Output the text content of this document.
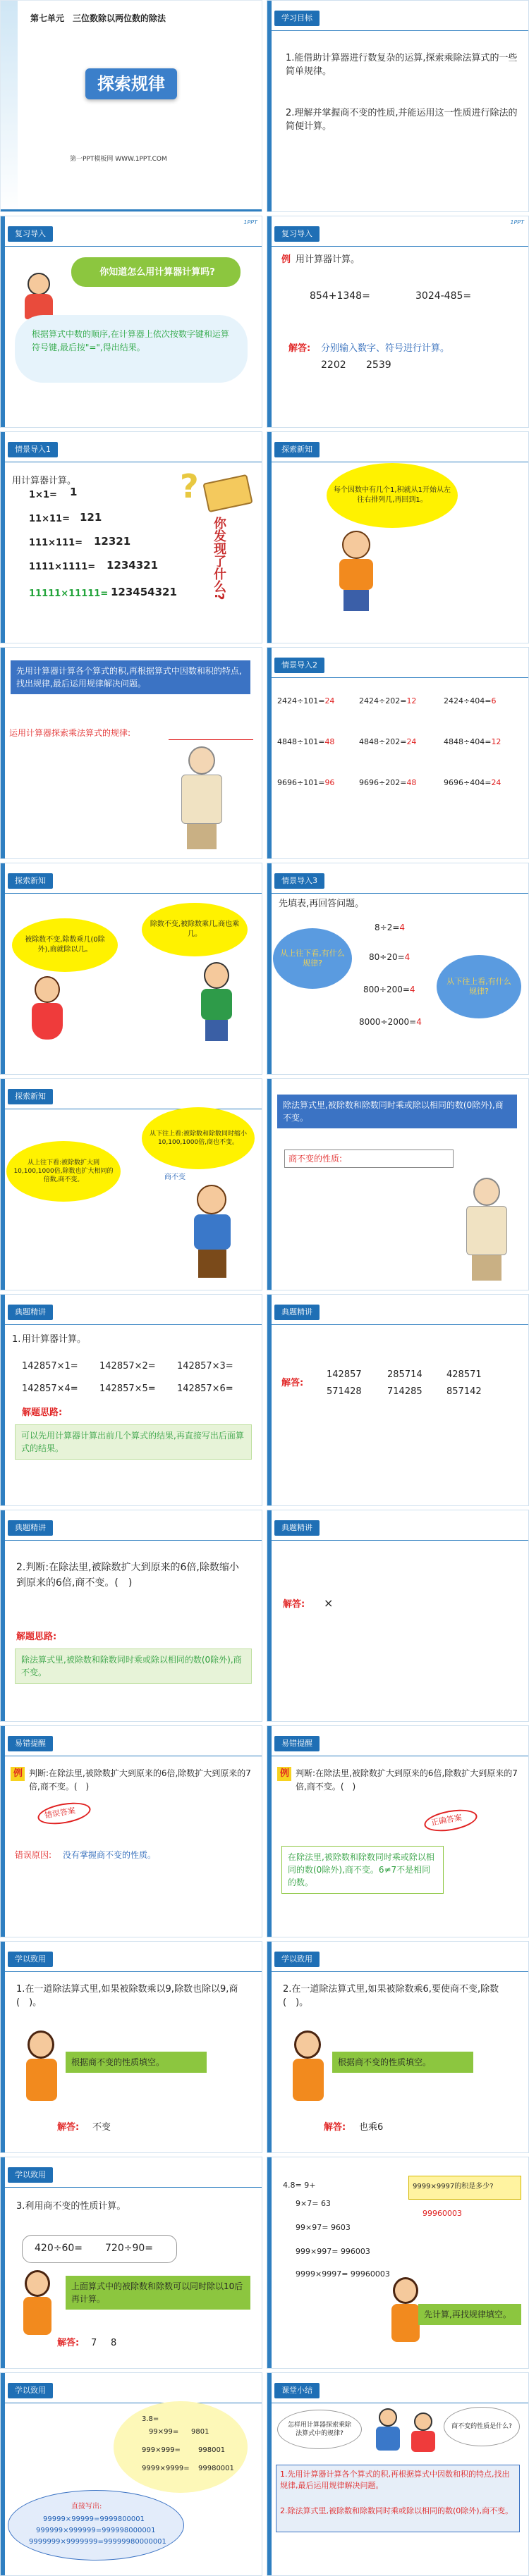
第七单元　三位数除以两位数的除法
探索规律
第一PPT模板网 WWW.1PPT.COM
学习目标
1.能借助计算器进行数复杂的运算,探索乘除法算式的一些简单规律。
2.理解并掌握商不变的性质,并能运用这一性质进行除法的简便计算。
复习导入
1PPT
你知道怎么用计算器计算吗?
根据算式中数的顺序,在计算器上依次按数字键和运算符号键,最后按"=",得出结果。
复习导入
1PPT
例 用计算器计算。
854+1348=	3024-485=
解答: 分别输入数字、符号进行计算。
2202 2539
情景导入1
用计算器计算。
1×1= 1
11×11= 121
111×111= 12321
1111×1111= 1234321
11111×11111= 123454321
?
你发现了什么?
探索新知
每个因数中有几个1,积就从1开始从左往右排列几,再回到1。
先用计算器计算各个算式的积,再根据算式中因数和积的特点,找出规律,最后运用规律解决问题。
运用计算器探索乘法算式的规律:
情景导入2
2424÷101=24	2424÷202=12	2424÷404=6
4848÷101=48	4848÷202=24	4848÷404=12
9696÷101=96	9696÷202=48	9696÷404=24
探索新知
被除数不变,除数乘几(0除外),商就除以几。
除数不变,被除数乘几,商也乘几。
情景导入3
先填表,再回答问题。
8÷2=4
80÷20=4
800÷200=4
8000÷2000=4
从上往下看,有什么规律?
从下往上看,有什么规律?
探索新知
从上往下看:被除数扩大到10,100,1000倍,除数也扩大相同的倍数,商不变。
从下往上看:被除数和除数同时缩小10,100,1000倍,商也不变。
商不变
除法算式里,被除数和除数同时乘或除以相同的数(0除外),商不变。
商不变的性质:
典题精讲
1. 用计算器计算。
142857×1= 142857×2= 142857×3=
142857×4= 142857×5= 142857×6=
解题思路:
可以先用计算器计算出前几个算式的结果,再直接写出后面算式的结果。
典题精讲
解答:
142857	285714	428571
571428	714285	857142
典题精讲
2.判断:在除法里,被除数扩大到原来的6倍,除数缩小到原来的6倍,商不变。(　)
解题思路:
除法算式里,被除数和除数同时乘或除以相同的数(0除外),商不变。
典题精讲
解答: ×
易错提醒
例 判断:在除法里,被除数扩大到原来的6倍,除数扩大到原来的7倍,商不变。(　)
错误答案
错误原因: 没有掌握商不变的性质。
易错提醒
例 判断:在除法里,被除数扩大到原来的6倍,除数扩大到原来的7倍,商不变。(　)
正确答案
在除法里,被除数和除数同时乘或除以相同的数(0除外),商不变。6≠7不是相同的数。
学以致用
1.在一道除法算式里,如果被除数乘以9,除数也除以9,商(　)。
根据商不变的性质填空。
解答: 不变
学以致用
2.在一道除法算式里,如果被除数乘6,要使商不变,除数(　)。
根据商不变的性质填空。
解答: 也乘6
学以致用
3.利用商不变的性质计算。
420÷60= 720÷90=
上面算式中的被除数和除数可以同时除以10后再计算。
解答: 7 8
4.8= 9+
9×7= 63
99×97= 9603
999×997= 996003
9999×9997= 99960003
9999×9997的积是多少?
99960003
先计算,再找规律填空。
学以致用
3.8=
99×99= 9801
999×999=	998001
9999×9999= 99980001
直接写出:
99999×99999=9999800001
999999×999999=999998000001
9999999×9999999=99999980000001
课堂小结
怎样用计算器探索乘除法算式中的规律?
商不变的性质是什么?
1.先用计算器计算各个算式的积,再根据算式中因数和积的特点,找出规律,最后运用规律解决问题。
2.除法算式里,被除数和除数同时乘或除以相同的数(0除外),商不变。
